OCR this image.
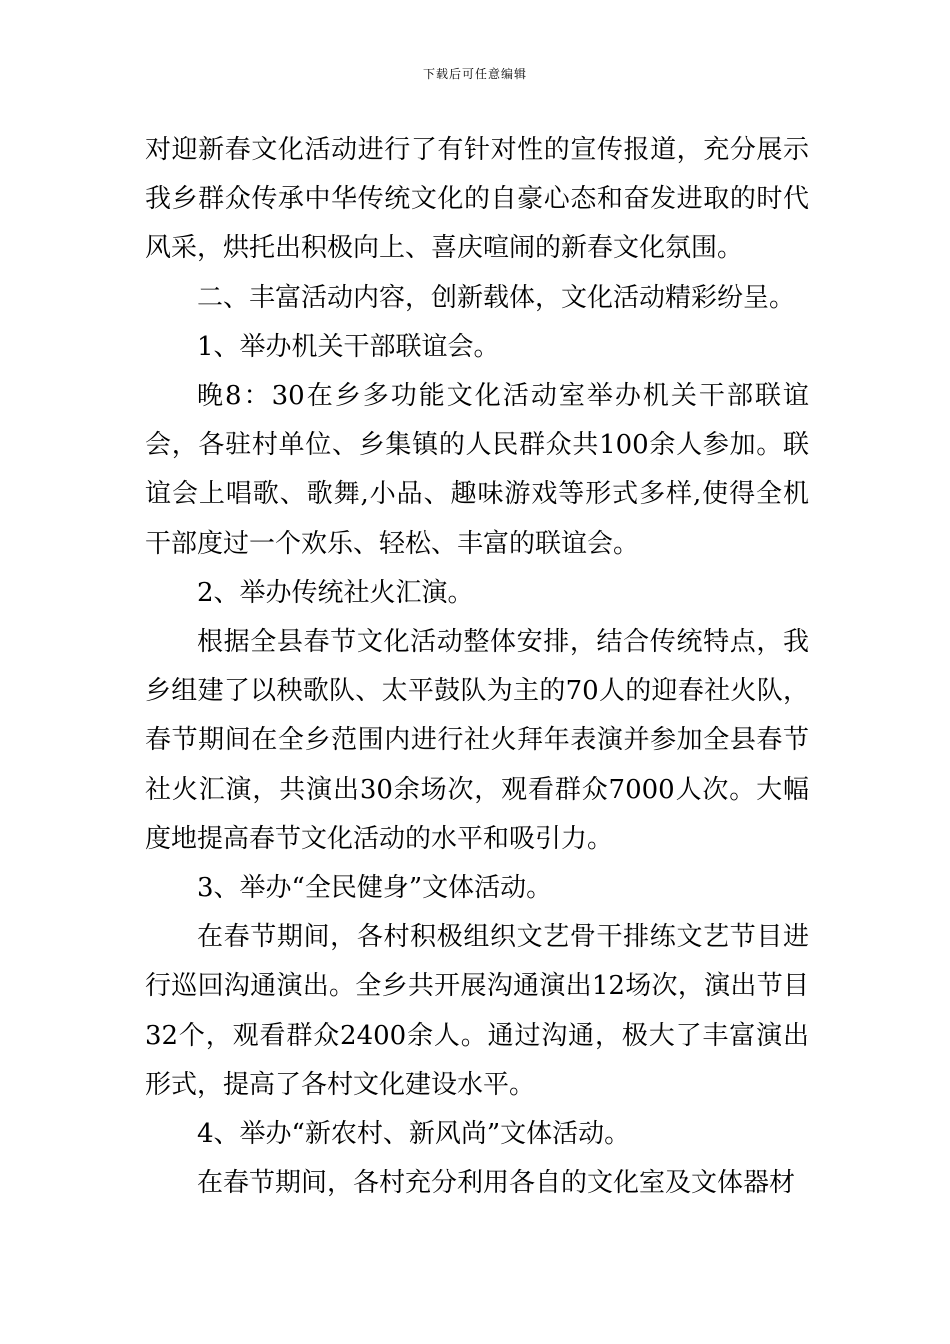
下载后可任意编辑

对迎新春文化活动进行了有针对性的宣传报道，充分展示我乡群众传承中华传统文化的自豪心态和奋发进取的时代风采，烘托出积极向上、喜庆喧闹的新春文化氛围。

二、丰富活动内容，创新载体，文化活动精彩纷呈。

1、举办机关干部联谊会。

晚8：30在乡多功能文化活动室举办机关干部联谊会，各驻村单位、乡集镇的人民群众共100余人参加。联谊会上唱歌、歌舞,小品、趣味游戏等形式多样,使得全机干部度过一个欢乐、轻松、丰富的联谊会。

2、举办传统社火汇演。

根据全县春节文化活动整体安排，结合传统特点，我乡组建了以秧歌队、太平鼓队为主的70人的迎春社火队，春节期间在全乡范围内进行社火拜年表演并参加全县春节社火汇演，共演出30余场次，观看群众7000人次。大幅度地提高春节文化活动的水平和吸引力。

3、举办“全民健身”文体活动。

在春节期间，各村积极组织文艺骨干排练文艺节目进行巡回沟通演出。全乡共开展沟通演出12场次，演出节目32个，观看群众2400余人。通过沟通，极大了丰富演出形式，提高了各村文化建设水平。

4、举办“新农村、新风尚”文体活动。

在春节期间，各村充分利用各自的文化室及文体器材
